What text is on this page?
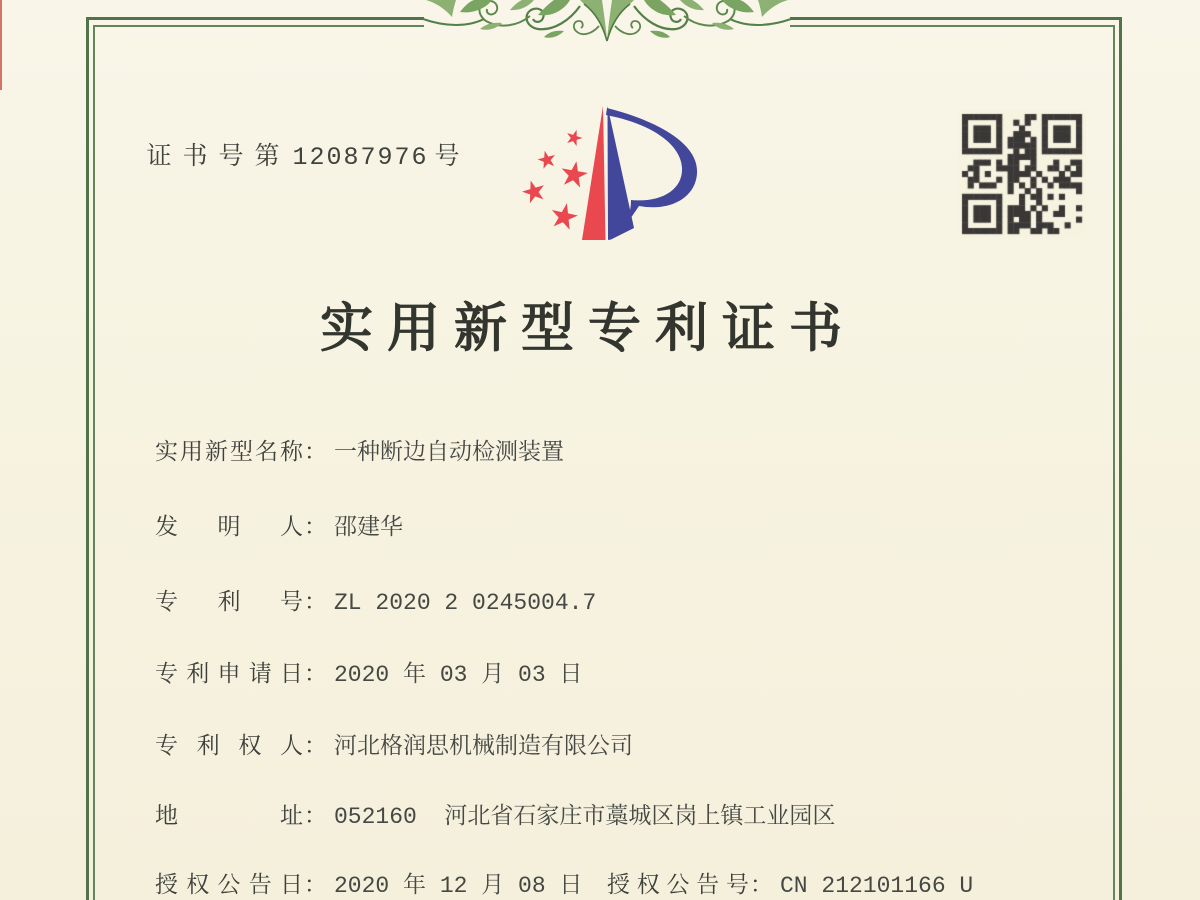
证书号第12087976 号

实用新型专利证书
实用新型名称 ： 一种断边自动检测装置
发明人 ： 邵建华
专利号 ： ZL 2020 2 0245004.7
专利申请日 ： 2020 年 03 月 03 日
专利权人 ： 河北格润思机械制造有限公司
地址 ： 052160  河北省石家庄市藁城区岗上镇工业园区
授权公告日 ： 2020 年 12 月 08 日 授权公告号 ： CN 212101166 U
